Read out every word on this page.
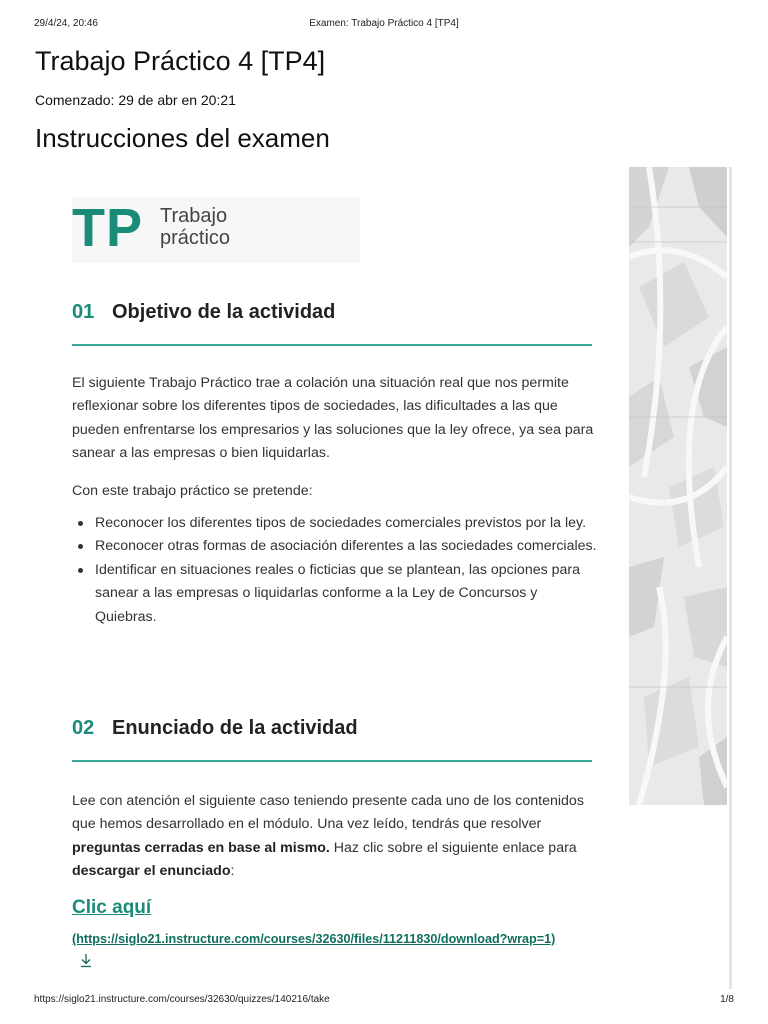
29/4/24, 20:46	Examen: Trabajo Práctico 4 [TP4]
Trabajo Práctico 4 [TP4]

Comenzado: 29 de abr en 20:21

Instrucciones del examen
TP Trabajo
práctico
01 Objetivo de la actividad

El siguiente Trabajo Práctico trae a colación una situación real que nos permite reflexionar sobre los diferentes tipos de sociedades, las dificultades a las que pueden enfrentarse los empresarios y las soluciones que la ley ofrece, ya sea para sanear a las empresas o bien liquidarlas.

Con este trabajo práctico se pretende:

Reconocer los diferentes tipos de sociedades comerciales previstos por la ley.
Reconocer otras formas de asociación diferentes a las sociedades comerciales.
Identificar en situaciones reales o ficticias que se plantean, las opciones para sanear a las empresas o liquidarlas conforme a la Ley de Concursos y Quiebras.
02 Enunciado de la actividad

Lee con atención el siguiente caso teniendo presente cada uno de los contenidos que hemos desarrollado en el módulo. Una vez leído, tendrás que resolver preguntas cerradas en base al mismo. Haz clic sobre el siguiente enlace para descargar el enunciado:

Clic aquí
(https://siglo21.instructure.com/courses/32630/files/11211830/download?wrap=1)
https://siglo21.instructure.com/courses/32630/quizzes/140216/take	1/8
